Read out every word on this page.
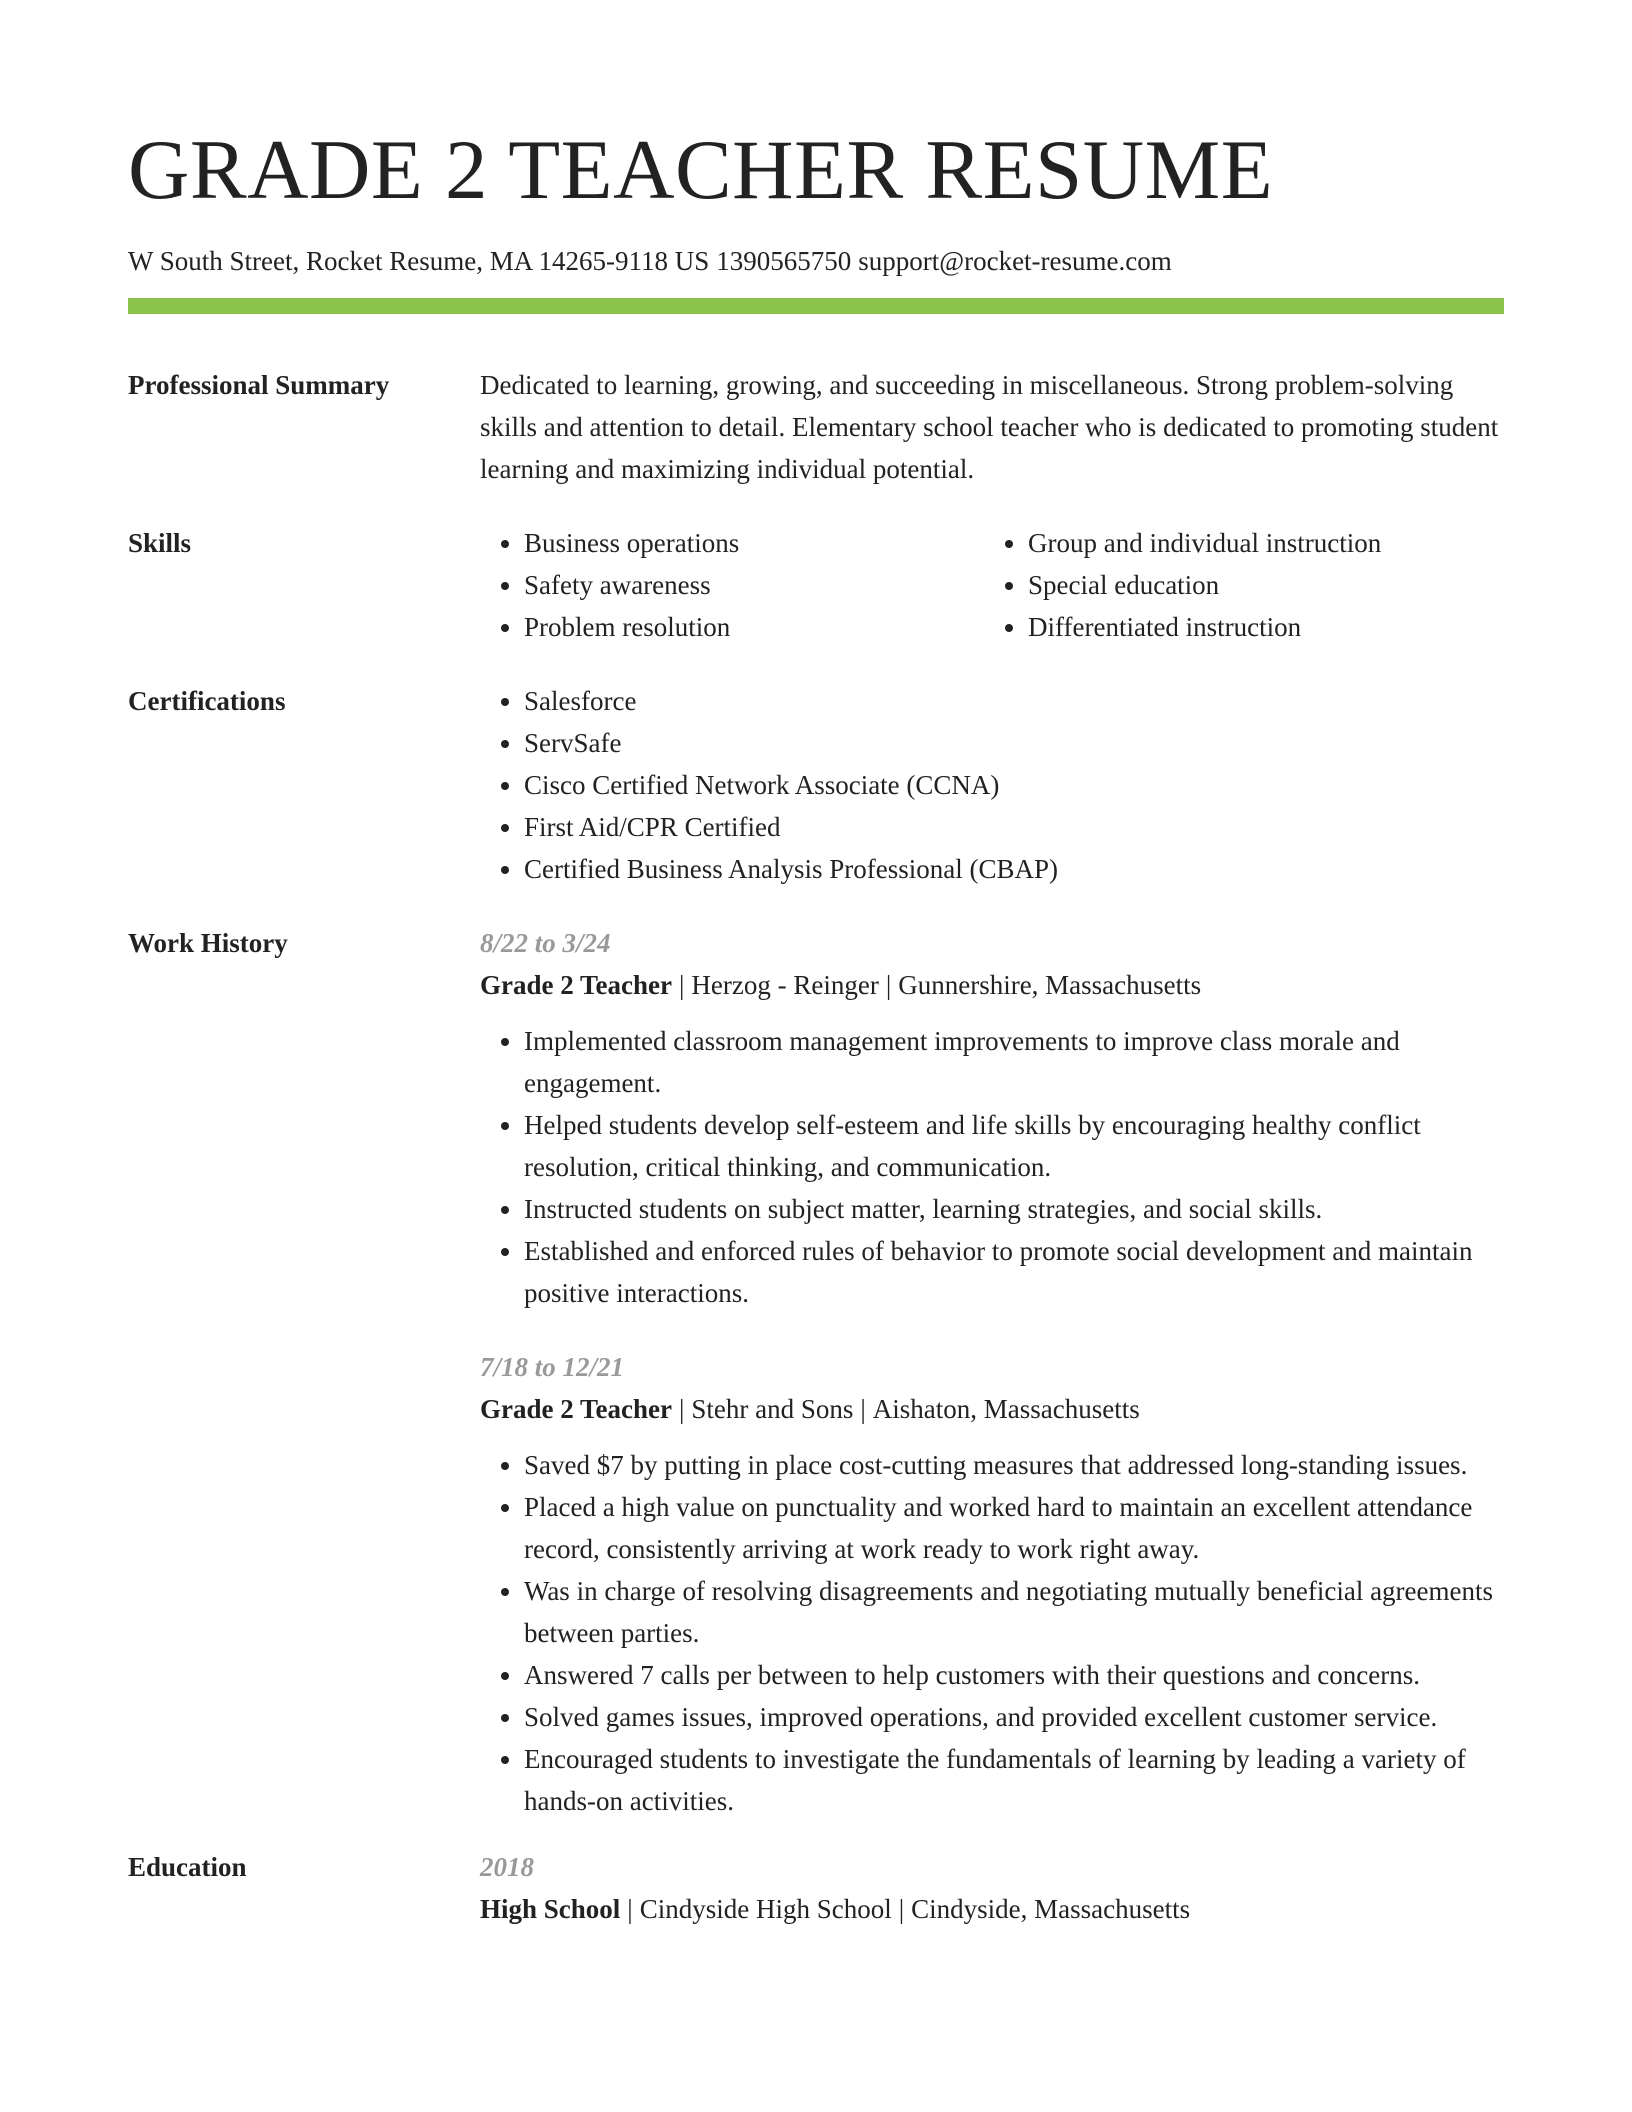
GRADE 2 TEACHER RESUME
W South Street, Rocket Resume, MA 14265-9118 US 1390565750 support@rocket-resume.com
Professional Summary	Dedicated to learning, growing, and succeeding in miscellaneous. Strong problem-solving skills and attention to detail. Elementary school teacher who is dedicated to promoting student learning and maximizing individual potential.
Skills	• Business operations
• Safety awareness
• Problem resolution
• Group and individual instruction
• Special education
• Differentiated instruction
Certifications	• Salesforce
• ServSafe
• Cisco Certified Network Associate (CCNA)
• First Aid/CPR Certified
• Certified Business Analysis Professional (CBAP)
Work History	8/22 to 3/24
Grade 2 Teacher | Herzog - Reinger | Gunnershire, Massachusetts
• Implemented classroom management improvements to improve class morale and engagement.
• Helped students develop self-esteem and life skills by encouraging healthy conflict resolution, critical thinking, and communication.
• Instructed students on subject matter, learning strategies, and social skills.
• Established and enforced rules of behavior to promote social development and maintain positive interactions.
7/18 to 12/21
Grade 2 Teacher | Stehr and Sons | Aishaton, Massachusetts
• Saved $7 by putting in place cost-cutting measures that addressed long-standing issues.
• Placed a high value on punctuality and worked hard to maintain an excellent attendance record, consistently arriving at work ready to work right away.
• Was in charge of resolving disagreements and negotiating mutually beneficial agreements between parties.
• Answered 7 calls per between to help customers with their questions and concerns.
• Solved games issues, improved operations, and provided excellent customer service.
• Encouraged students to investigate the fundamentals of learning by leading a variety of hands-on activities.
Education	2018
High School | Cindyside High School | Cindyside, Massachusetts
